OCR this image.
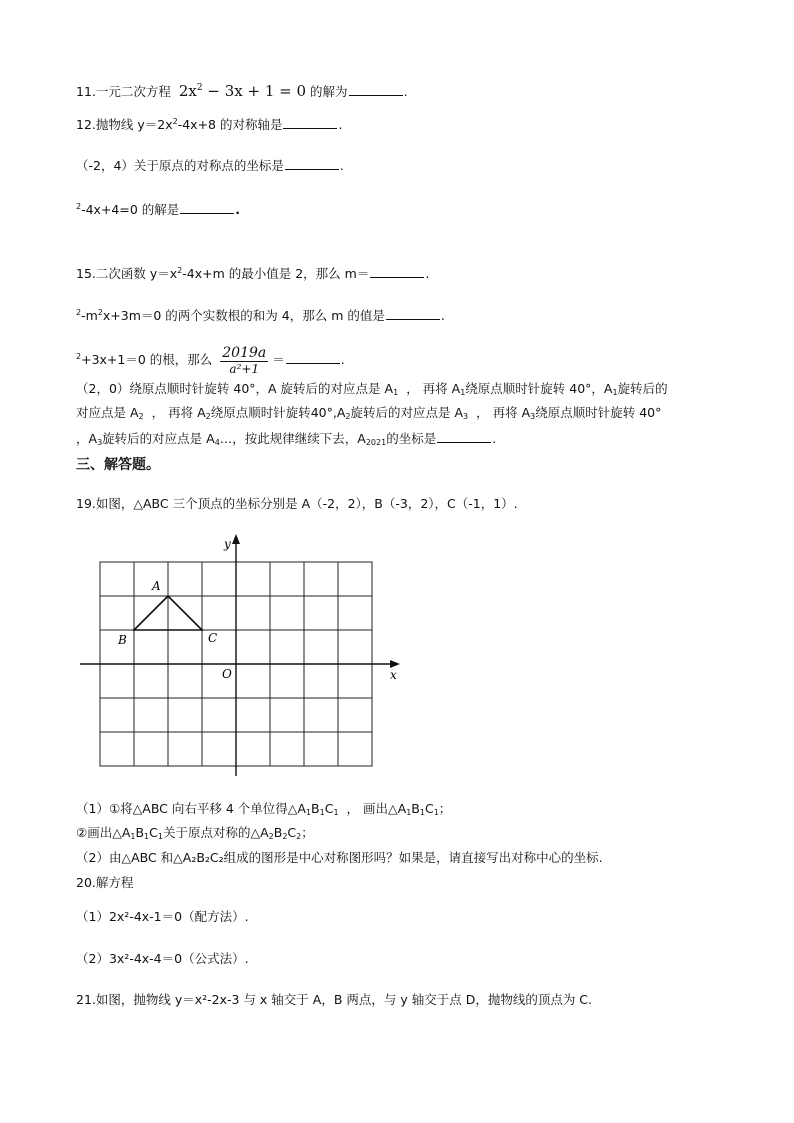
11.一元二次方程 $2x^2 - 3x + 1 = 0$ 的解为	.
12.抛物线 $y=2x^2-4x+8$ 的对称轴是	.
（-2，4）关于原点的对称点的坐标是	.
$^2$-4x+4=0 的解是	.
15.二次函数 $y=x^2-4x+m$ 的最小值是 2，那么 m＝	.
$^2-m^2x+3m=0$ 的两个实数根的和为 4，那么 m 的值是	.
$^2$+3x+1＝0 的根，那么 $\frac{2019a}{\text{a²+1}}$ ＝	.
（2，0）绕原点顺时针旋转 40°，A 旋转后的对应点是 $A_1$ ， 再将 $A_1$绕原点顺时针旋转 40°，$A_1$旋转后的
对应点是 $A_2$ ， 再将 $A_2$绕原点顺时针旋转$40^\circ,A_2$旋转后的对应点是 $A_3$ ， 再将 $A_3$绕原点顺时针旋转 40°
，$A_3$旋转后的对应点是 $A_4\dots$，按此规律继续下去，$A_{2021}$的坐标是	.
三、解答题。
19.如图，△ABC 三个顶点的坐标分别是 A（-2，2），B（-3，2），C（-1，1）.
y
x
O
A
B	C
（1）①将△ABC 向右平移 4 个单位得$\triangle A_1B_1C_1$ ， 画出$\triangle A_1B_1C_1$；
②画出$\triangle A_1B_1C_1$关于原点对称的$\triangle A_2B_2C_2$；
（2）由△ABC 和△A₂B₂C₂组成的图形是中心对称图形吗？如果是，请直接写出对称中心的坐标.
20.解方程
（1）2x²-4x-1＝0（配方法）.
（2）3x²-4x-4＝0（公式法）.
21.如图，抛物线 y＝x²-2x-3 与 x 轴交于 A，B 两点，与 y 轴交于点 D，抛物线的顶点为 C.
